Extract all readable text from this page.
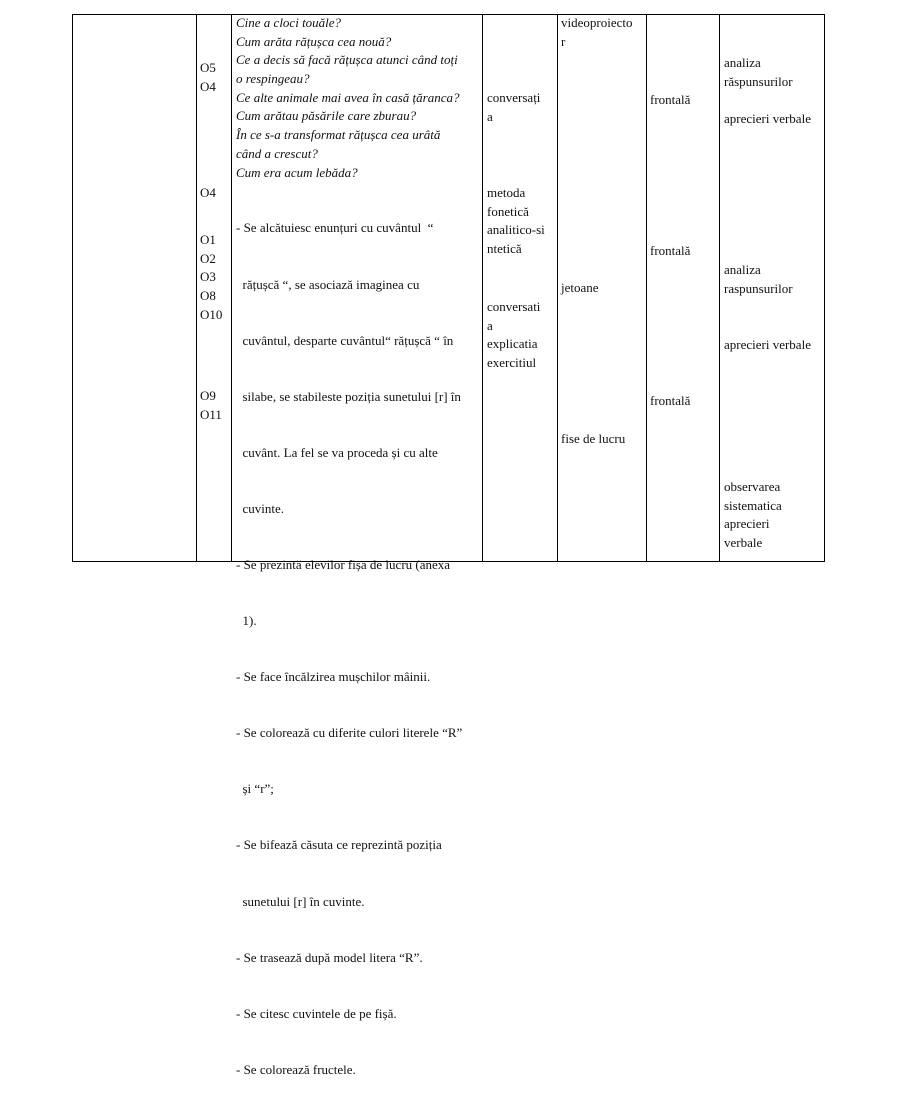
O5
O4
O4
O1
O2
O3
O8
O10
O9
O11
Cine a cloci touăle?
Cum arăta rățușca cea nouă?
Ce a decis să facă rățușca atunci când toți
o respingeau?
Ce alte animale mai avea în casă țăranca?
Cum arătau păsările care zburau?
În ce s-a transformat rățușca cea urâtă
când a crescut?
Cum era acum lebăda?

- Se alcătuiesc enunțuri cu cuvântul  “

rățușcă “, se asociază imaginea cu

cuvântul, desparte cuvântul“ rățușcă “ în

silabe, se stabileste poziția sunetului [r] în

cuvânt. La fel se va proceda și cu alte

cuvinte.

- Se prezintă elevilor fișa de lucru (anexa

1).

- Se face încălzirea mușchilor mâinii.

- Se colorează cu diferite culori literele “R”

și “r”;

- Se bifează căsuta ce reprezintă poziția

sunetului [r] în cuvinte.

- Se trasează după model litera “R”.

- Se citesc cuvintele de pe fișă.

- Se colorează fructele.

conversați
a
metoda
fonetică
analitico-si
ntetică
conversati
a
explicatia
exercitiul
videoproiecto
r
jetoane
fise de lucru
frontală
frontală
frontală
analiza
răspunsurilor
aprecieri verbale
analiza
raspunsurilor
aprecieri verbale
observarea
sistematica
aprecieri
verbale
